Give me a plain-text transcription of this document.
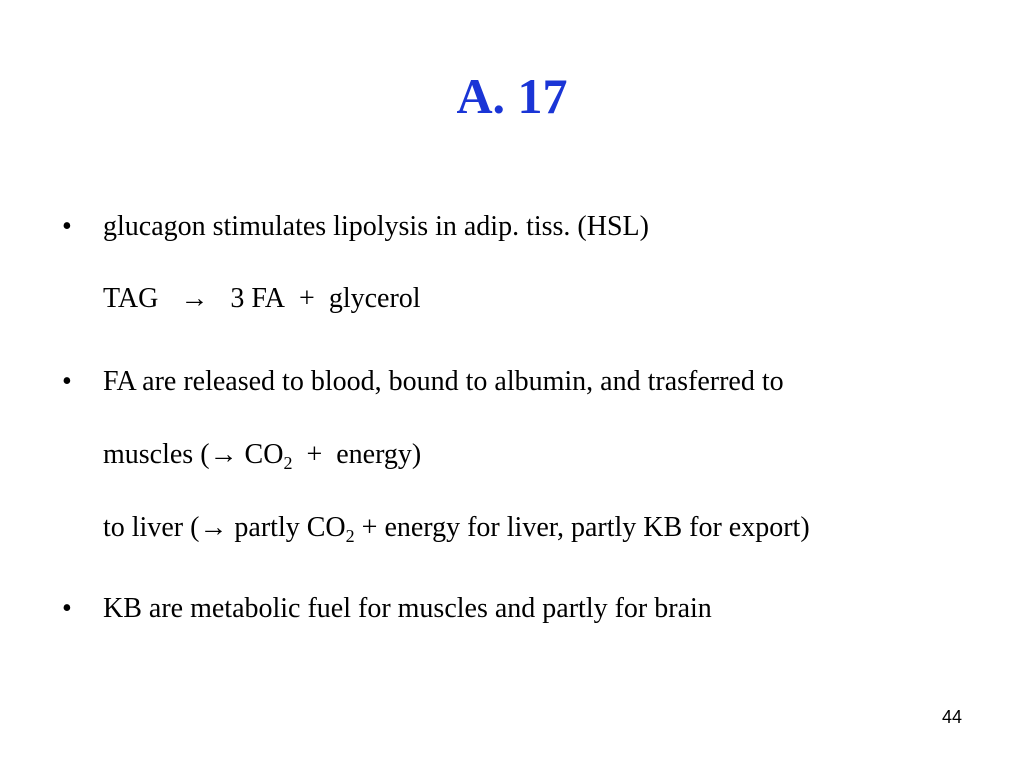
A. 17
• glucagon stimulates lipolysis in adip. tiss. (HSL)
TAG → 3 FA + glycerol
• FA are released to blood, bound to albumin, and trasferred to
muscles (→ $CO_2$ + energy)
to liver (→ partly $CO_2$ + energy for liver, partly KB for export)
• KB are metabolic fuel for muscles and partly for brain
44
